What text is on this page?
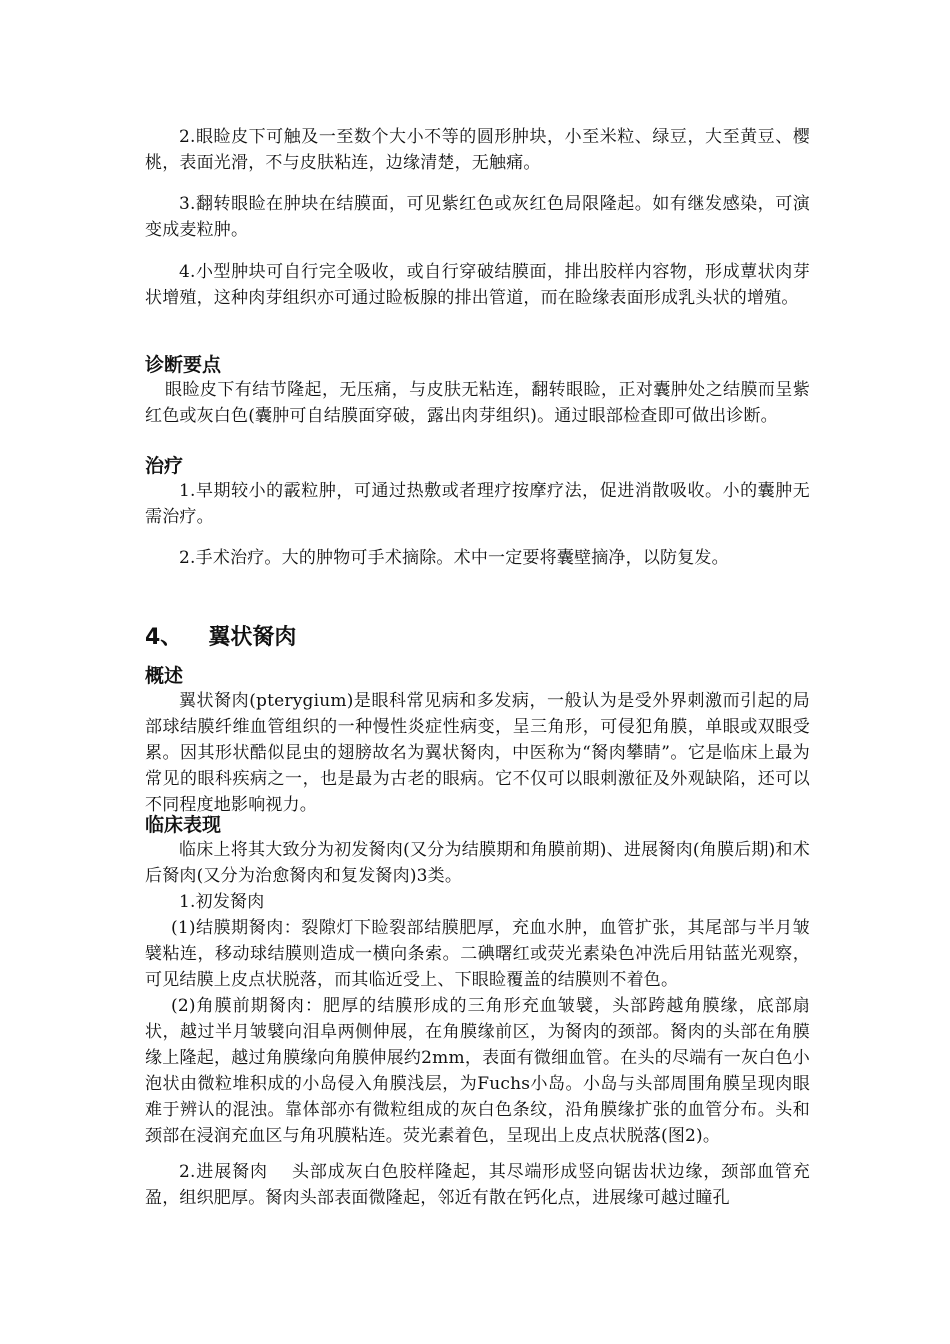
2.眼睑皮下可触及一至数个大小不等的圆形肿块，小至米粒、绿豆，大至黄豆、樱桃，表面光滑，不与皮肤粘连，边缘清楚，无触痛。

3.翻转眼睑在肿块在结膜面，可见紫红色或灰红色局限隆起。如有继发感染，可演变成麦粒肿。

4.小型肿块可自行完全吸收，或自行穿破结膜面，排出胶样内容物，形成蕈状肉芽状增殖，这种肉芽组织亦可通过睑板腺的排出管道，而在睑缘表面形成乳头状的增殖。

诊断要点

眼睑皮下有结节隆起，无压痛，与皮肤无粘连，翻转眼睑，正对囊肿处之结膜而呈紫红色或灰白色(囊肿可自结膜面穿破，露出肉芽组织)。通过眼部检查即可做出诊断。

治疗

1.早期较小的霰粒肿，可通过热敷或者理疗按摩疗法，促进消散吸收。小的囊肿无需治疗。

2.手术治疗。大的肿物可手术摘除。术中一定要将囊壁摘净，以防复发。

4、 翼状胬肉
概述

翼状胬肉(pterygium)是眼科常见病和多发病，一般认为是受外界刺激而引起的局部球结膜纤维血管组织的一种慢性炎症性病变，呈三角形，可侵犯角膜，单眼或双眼受累。因其形状酷似昆虫的翅膀故名为翼状胬肉，中医称为“胬肉攀睛”。它是临床上最为常见的眼科疾病之一，也是最为古老的眼病。它不仅可以眼刺激征及外观缺陷，还可以不同程度地影响视力。

临床表现

临床上将其大致分为初发胬肉(又分为结膜期和角膜前期)、进展胬肉(角膜后期)和术后胬肉(又分为治愈胬肉和复发胬肉)3类。

1.初发胬肉

(1)结膜期胬肉：裂隙灯下睑裂部结膜肥厚，充血水肿，血管扩张，其尾部与半月皱襞粘连，移动球结膜则造成一横向条索。二碘曙红或荧光素染色冲洗后用钴蓝光观察，可见结膜上皮点状脱落，而其临近受上、下眼睑覆盖的结膜则不着色。

(2)角膜前期胬肉：肥厚的结膜形成的三角形充血皱襞，头部跨越角膜缘，底部扇状，越过半月皱襞向泪阜两侧伸展，在角膜缘前区，为胬肉的颈部。胬肉的头部在角膜缘上隆起，越过角膜缘向角膜伸展约2mm，表面有微细血管。在头的尽端有一灰白色小泡状由微粒堆积成的小岛侵入角膜浅层，为Fuchs小岛。小岛与头部周围角膜呈现肉眼难于辨认的混浊。靠体部亦有微粒组成的灰白色条纹，沿角膜缘扩张的血管分布。头和颈部在浸润充血区与角巩膜粘连。荧光素着色，呈现出上皮点状脱落(图2)。

2.进展胬肉　 头部成灰白色胶样隆起，其尽端形成竖向锯齿状边缘，颈部血管充盈，组织肥厚。胬肉头部表面微隆起，邻近有散在钙化点，进展缘可越过瞳孔
